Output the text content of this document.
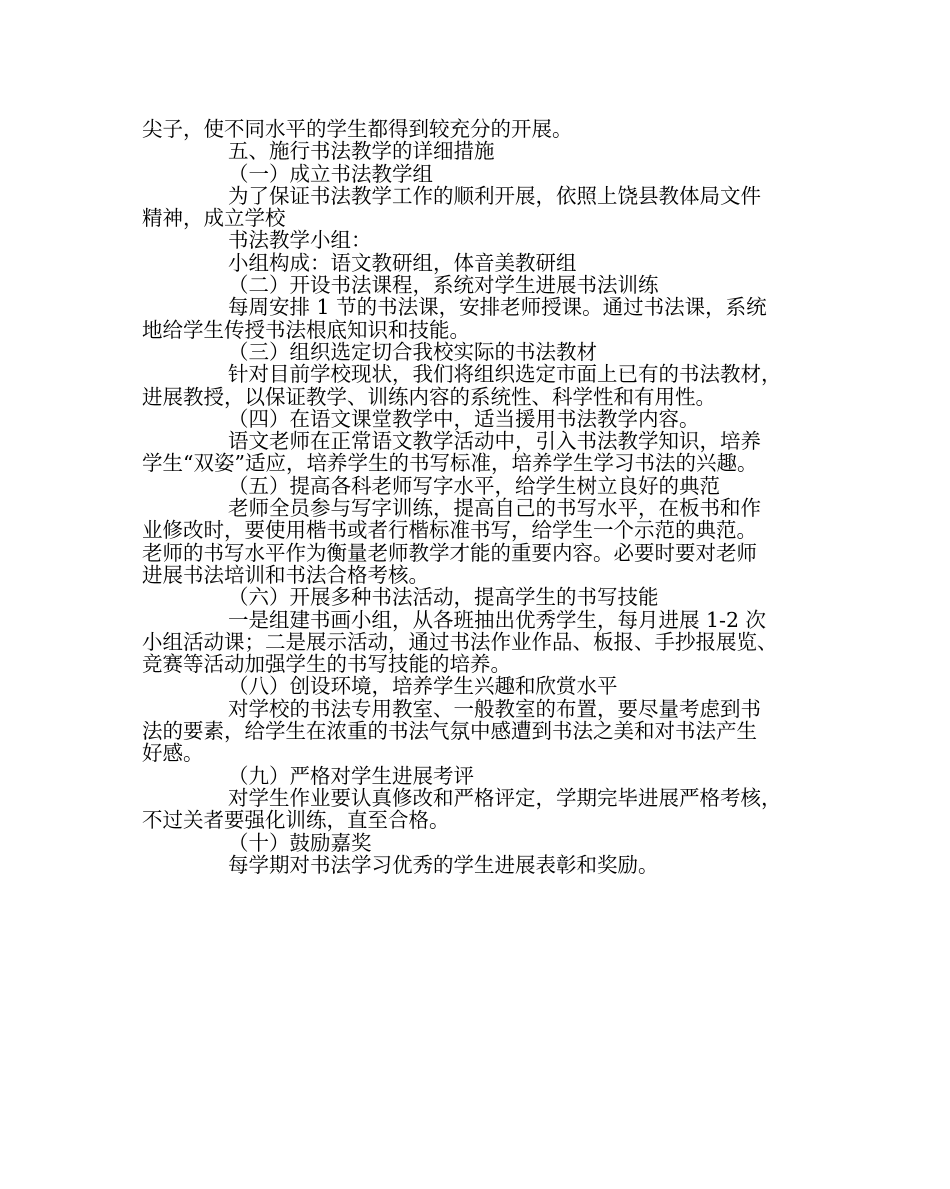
尖子，使不同水平的学生都得到较充分的开展。
五、施行书法教学的详细措施
（一）成立书法教学组
为了保证书法教学工作的顺利开展，依照上饶县教体局文件
精神，成立学校
书法教学小组：
小组构成：语文教研组，体音美教研组
（二）开设书法课程，系统对学生进展书法训练
每周安排 1 节的书法课，安排老师授课。通过书法课，系统
地给学生传授书法根底知识和技能。
（三）组织选定切合我校实际的书法教材
针对目前学校现状，我们将组织选定市面上已有的书法教材，
进展教授，以保证教学、训练内容的系统性、科学性和有用性。
（四）在语文课堂教学中，适当援用书法教学内容。
语文老师在正常语文教学活动中，引入书法教学知识，培养
学生“双姿”适应，培养学生的书写标准，培养学生学习书法的兴趣。
（五）提高各科老师写字水平，给学生树立良好的典范
老师全员参与写字训练，提高自己的书写水平，在板书和作
业修改时，要使用楷书或者行楷标准书写，给学生一个示范的典范。
老师的书写水平作为衡量老师教学才能的重要内容。必要时要对老师
进展书法培训和书法合格考核。
（六）开展多种书法活动，提高学生的书写技能
一是组建书画小组，从各班抽出优秀学生，每月进展 1-2 次
小组活动课；二是展示活动，通过书法作业作品、板报、手抄报展览、
竞赛等活动加强学生的书写技能的培养。
（八）创设环境，培养学生兴趣和欣赏水平
对学校的书法专用教室、一般教室的布置，要尽量考虑到书
法的要素，给学生在浓重的书法气氛中感遭到书法之美和对书法产生
好感。
（九）严格对学生进展考评
对学生作业要认真修改和严格评定，学期完毕进展严格考核，
不过关者要强化训练，直至合格。
（十）鼓励嘉奖
每学期对书法学习优秀的学生进展表彰和奖励。
